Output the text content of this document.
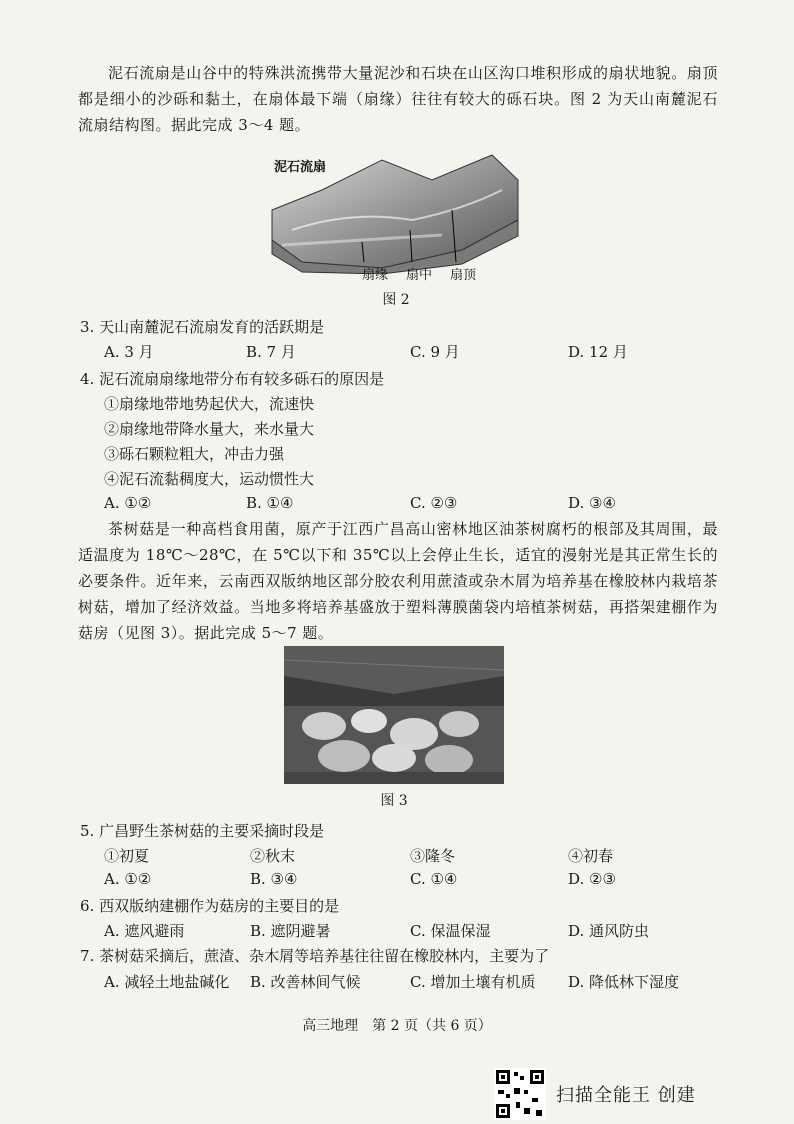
泥石流扇是山谷中的特殊洪流携带大量泥沙和石块在山区沟口堆积形成的扇状地貌。扇顶都是细小的沙砾和黏土，在扇体最下端（扇缘）往往有较大的砾石块。图 2 为天山南麓泥石流扇结构图。据此完成 3～4 题。

泥石流扇
扇缘 扇中 扇顶
图 2

3. 天山南麓泥石流扇发育的活跃期是

A. 3 月	B. 7 月	C. 9 月	D. 12 月

4. 泥石流扇扇缘地带分布有较多砾石的原因是

①扇缘地带地势起伏大，流速快
②扇缘地带降水量大，来水量大
③砾石颗粒粗大，冲击力强
④泥石流黏稠度大，运动惯性大
A. ①②	B. ①④	C. ②③	D. ③④

茶树菇是一种高档食用菌，原产于江西广昌高山密林地区油茶树腐朽的根部及其周围，最适温度为 18℃～28℃，在 5℃以下和 35℃以上会停止生长，适宜的漫射光是其正常生长的必要条件。近年来，云南西双版纳地区部分胶农利用蔗渣或杂木屑为培养基在橡胶林内栽培茶树菇，增加了经济效益。当地多将培养基盛放于塑料薄膜菌袋内培植茶树菇，再搭架建棚作为菇房（见图 3）。据此完成 5～7 题。

图 3

5. 广昌野生茶树菇的主要采摘时段是

①初夏	②秋末	③隆冬	④初春
A. ①②	B. ③④	C. ①④	D. ②③

6. 西双版纳建棚作为菇房的主要目的是

A. 遮风避雨	B. 遮阴避暑	C. 保温保湿	D. 通风防虫

7. 茶树菇采摘后，蔗渣、杂木屑等培养基往往留在橡胶林内，主要为了

A. 减轻土地盐碱化 B. 改善林间气候	C. 增加土壤有机质 D. 降低林下湿度
高三地理　第 2 页（共 6 页）
扫描全能王 创建
